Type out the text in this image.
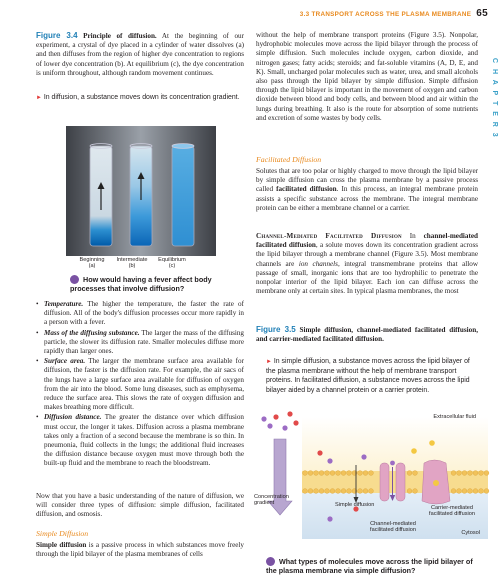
3.3 TRANSPORT ACROSS THE PLASMA MEMBRANE 65
C H A P T E R 3
Figure 3.4 Principle of diffusion. At the beginning of our experiment, a crystal of dye placed in a cylinder of water dissolves (a) and then diffuses from the region of higher dye concentration to regions of lower dye concentration (b). At equilibrium (c), the dye concentration is uniform throughout, although random movement continues.
► In diffusion, a substance moves down its concentration gradient.
Beginning
(a)
Intermediate
(b)
Equilibrium
(c)
How would having a fever affect body processes that involve diffusion?
• Temperature. The higher the temperature, the faster the rate of diffusion. All of the body's diffusion processes occur more rapidly in a person with a fever.
• Mass of the diffusing substance. The larger the mass of the diffusing particle, the slower its diffusion rate. Smaller molecules diffuse more rapidly than larger ones.
• Surface area. The larger the membrane surface area available for diffusion, the faster is the diffusion rate. For example, the air sacs of the lungs have a large surface area available for diffusion of oxygen from the air into the blood. Some lung diseases, such as emphysema, reduce the surface area. This slows the rate of oxygen diffusion and makes breathing more difficult.
• Diffusion distance. The greater the distance over which diffusion must occur, the longer it takes. Diffusion across a plasma membrane takes only a fraction of a second because the membrane is so thin. In pneumonia, fluid collects in the lungs; the additional fluid increases the diffusion distance because oxygen must move through both the built-up fluid and the membrane to reach the bloodstream.
Now that you have a basic understanding of the nature of diffusion, we will consider three types of diffusion: simple diffusion, facilitated diffusion, and osmosis.
Simple Diffusion
Simple diffusion is a passive process in which substances move freely through the lipid bilayer of the plasma membranes of cells
without the help of membrane transport proteins (Figure 3.5). Nonpolar, hydrophobic molecules move across the lipid bilayer through the process of simple diffusion. Such molecules include oxygen, carbon dioxide, and nitrogen gases; fatty acids; steroids; and fat-soluble vitamins (A, D, E, and K). Small, uncharged polar molecules such as water, urea, and small alcohols also pass through the lipid bilayer by simple diffusion. Simple diffusion through the lipid bilayer is important in the movement of oxygen and carbon dioxide between blood and body cells, and between blood and air within the lungs during breathing. It also is the route for absorption of some nutrients and excretion of some wastes by body cells.
Facilitated Diffusion
Solutes that are too polar or highly charged to move through the lipid bilayer by simple diffusion can cross the plasma membrane by a passive process called facilitated diffusion. In this process, an integral membrane protein assists a specific substance across the membrane. The integral membrane protein can be either a membrane channel or a carrier.
Channel-Mediated Facilitated Diffusion In channel-mediated facilitated diffusion, a solute moves down its concentration gradient across the lipid bilayer through a membrane channel (Figure 3.5). Most membrane channels are ion channels, integral transmembrane proteins that allow passage of small, inorganic ions that are too hydrophilic to penetrate the nonpolar interior of the lipid bilayer. Each ion can diffuse across the membrane only at certain sites. In typical plasma membranes, the most
Figure 3.5 Simple diffusion, channel-mediated facilitated diffusion, and carrier-mediated facilitated diffusion.
► In simple diffusion, a substance moves across the lipid bilayer of the plasma membrane without the help of membrane transport proteins. In facilitated diffusion, a substance moves across the lipid bilayer aided by a channel protein or a carrier protein.
Extracellular fluid
Concentration gradient	Simple diffusion
Channel-mediated facilitated diffusion
Carrier-mediated facilitated diffusion
Cytosol
What types of molecules move across the lipid bilayer of the plasma membrane via simple diffusion?
